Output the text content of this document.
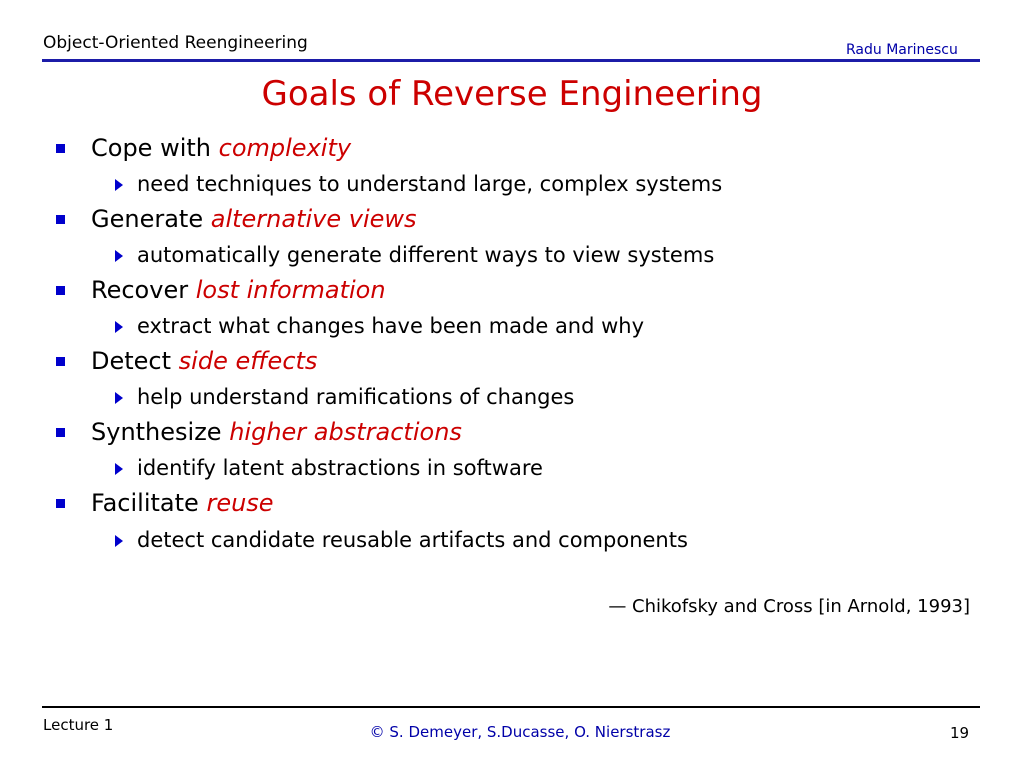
Object-Oriented Reengineering	Radu Marinescu
Goals of Reverse Engineering
Cope with complexity
need techniques to understand large, complex systems
Generate alternative views
automatically generate different ways to view systems
Recover lost information
extract what changes have been made and why
Detect side effects
help understand ramifications of changes
Synthesize higher abstractions
identify latent abstractions in software
Facilitate reuse
detect candidate reusable artifacts and components
— Chikofsky and Cross [in Arnold, 1993]
Lecture 1	© S. Demeyer, S.Ducasse, O. Nierstrasz	19
